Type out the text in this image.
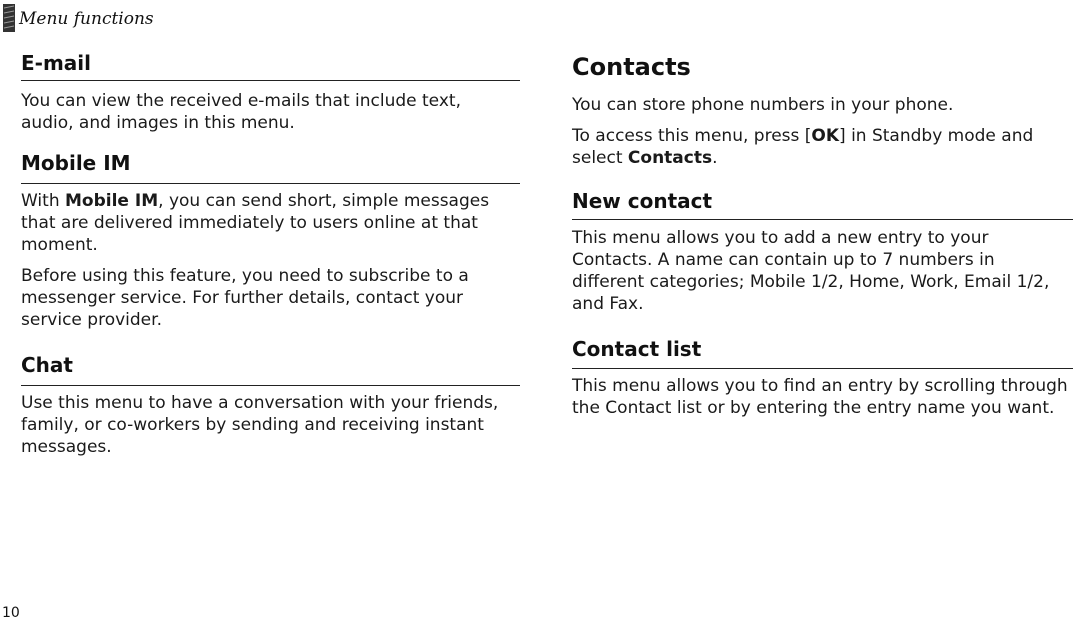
Menu functions
E-mail

You can view the received e-mails that include text, audio, and images in this menu.

Mobile IM

With Mobile IM, you can send short, simple messages that are delivered immediately to users online at that moment.

Before using this feature, you need to subscribe to a messenger service. For further details, contact your service provider.

Chat

Use this menu to have a conversation with your friends, family, or co-workers by sending and receiving instant messages.

Contacts

You can store phone numbers in your phone.

To access this menu, press [OK] in Standby mode and select Contacts.

New contact

This menu allows you to add a new entry to your Contacts. A name can contain up to 7 numbers in different categories; Mobile 1/2, Home, Work, Email 1/2, and Fax.

Contact list

This menu allows you to find an entry by scrolling through the Contact list or by entering the entry name you want.

10
